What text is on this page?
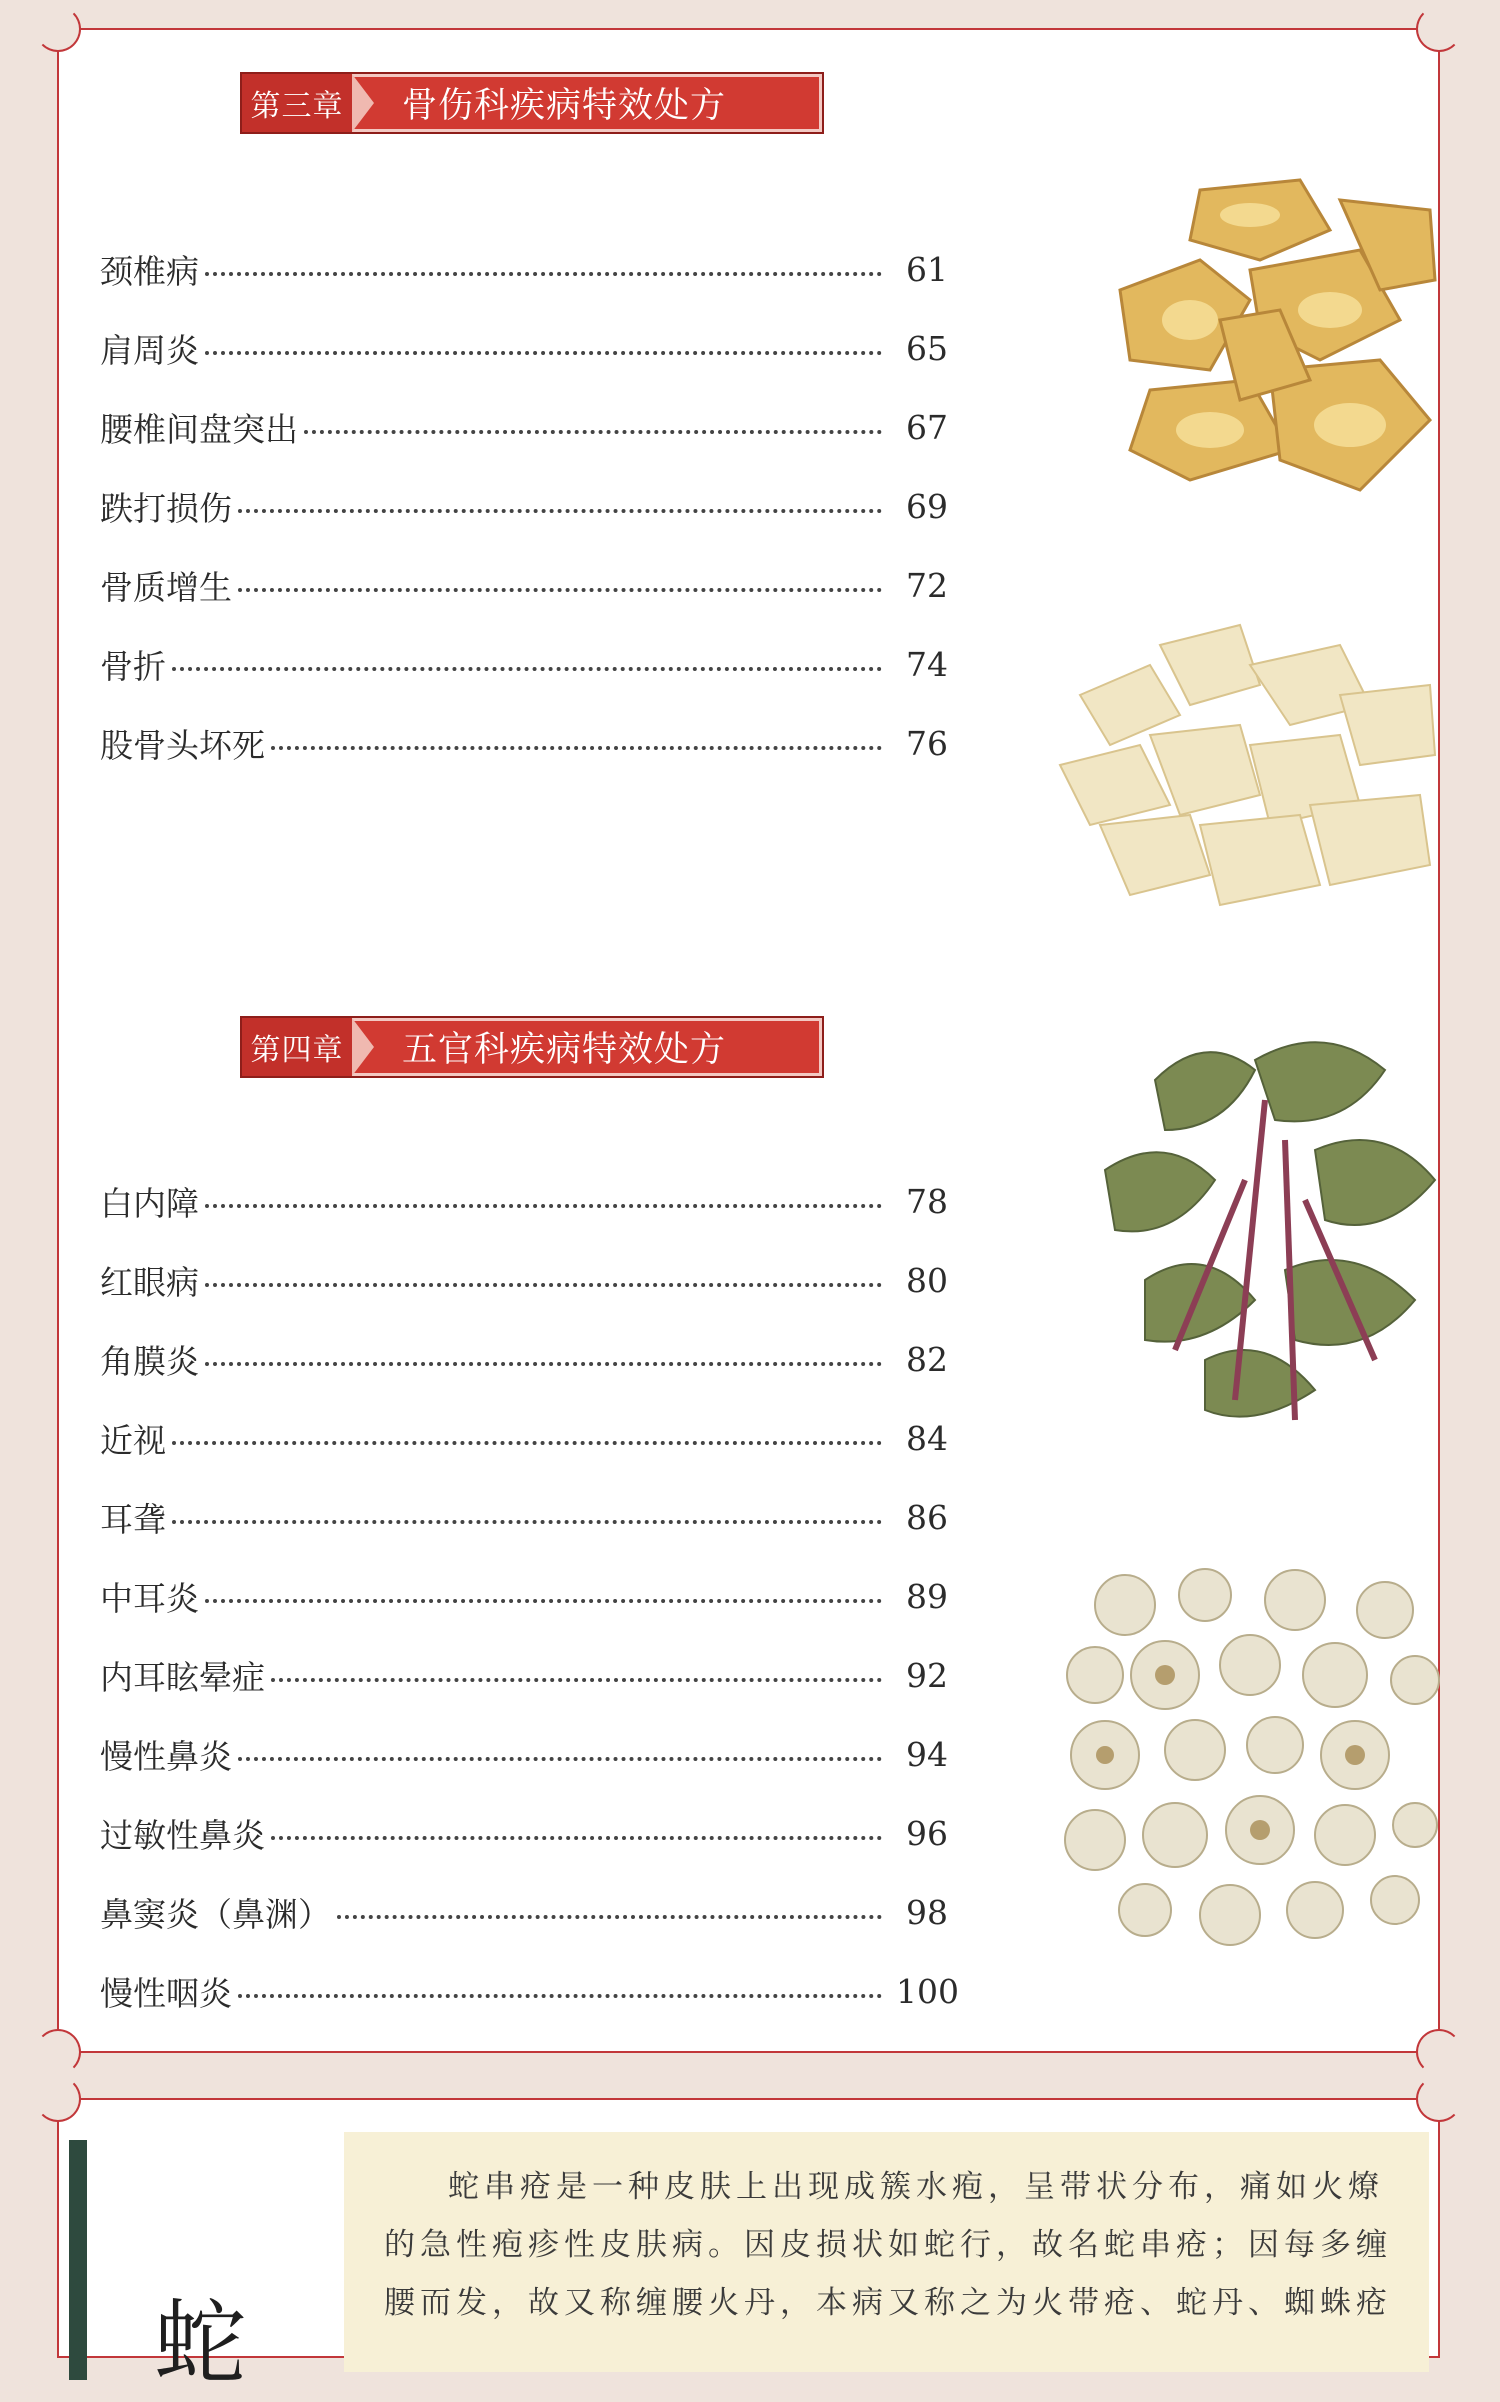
第三章 骨伤科疾病特效处方
颈椎病	61
肩周炎	65
腰椎间盘突出	67
跌打损伤	69
骨质增生	72
骨折	74
股骨头坏死	76
第四章 五官科疾病特效处方
白内障	78
红眼病	80
角膜炎	82
近视	84
耳聋	86
中耳炎	89
内耳眩晕症	92
慢性鼻炎	94
过敏性鼻炎	96
鼻窦炎（鼻渊）	98
慢性咽炎	100
蛇
蛇串疮是一种皮肤上出现成簇水疱，呈带状分布，痛如火燎的急性疱疹性皮肤病。因皮损状如蛇行，故名蛇串疮；因每多缠腰而发，故又称缠腰火丹，本病又称之为火带疮、蛇丹、蜘蛛疮
